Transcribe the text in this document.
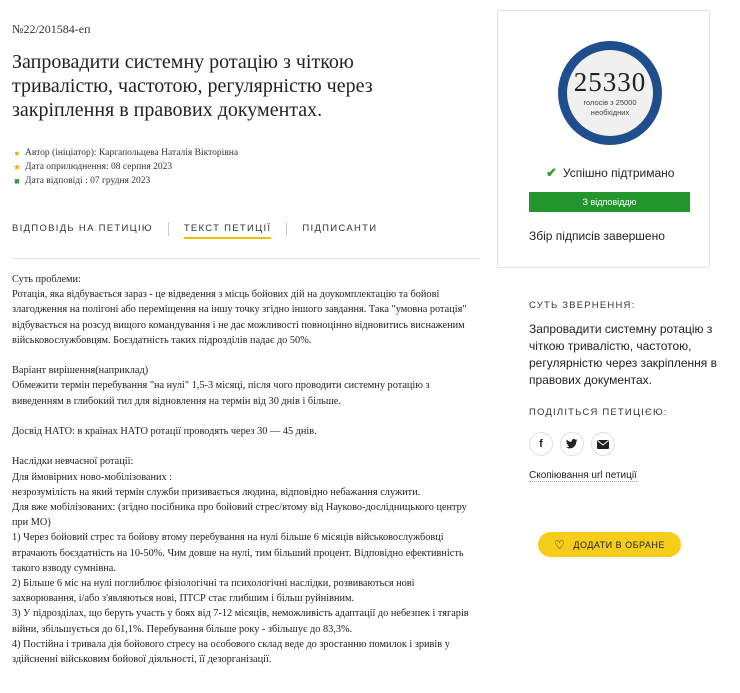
№22/201584-еп
Запровадити системну ротацію з чіткою тривалістю, частотою, регулярністю через закріплення в правових документах.
● Автор (ініціатор): Каргапольцева Наталія Вікторівна
★ Дата оприлюднення: 08 серпня 2023
■ Дата відповіді : 07 грудня 2023
ВІДПОВІДЬ НА ПЕТИЦІЮ	ТЕКСТ ПЕТИЦІЇ	ПІДПИСАНТИ

Суть проблеми:

Ротація, яка відбувається зараз - це відведення з місць бойових дій на доукомплектацію та бойові злагодження на полігоні або переміщення на іншу точку згідно іншого завдання. Така "умовна ротація" відбувається на розсуд вищого командування і не дає можливості повноцінно відновитись виснаженим військовослужбовцям. Боєздатність таких підрозділів падає до 50%.

Варіант вирішення(наприклад)

Обмежити термін перебування "на нулі" 1,5-3 місяці, після чого проводити системну ротацію з виведенням в глибокий тил для відновлення на термін від 30 днів і більше.

Досвід НАТО: в країнах НАТО ротації проводять через 30 — 45 днів.

Наслідки невчасної ротації:

Для ймовірних ново-мобілізованих :

незрозумілість на який термін служби призивається людина, відповідно небажання служити.

Для вже мобілізованих: (згідно посібника про бойовий стрес/втому від Науково-дослідницького центру при МО)

1) Через бойовий стрес та бойову втому перебування на нулі більше 6 місяців військовослужбовці втрачають боєздатність на 10-50%. Чим довше на нулі, тим більший процент. Відповідно ефективність такого взводу сумнівна.

2) Більше 6 міс на нулі поглиблює фізіологічні та психологічні наслідки, розвиваються нові захворювання, і/або з'являються нові, ПТСР стає глибшим і більш руйнівним.

3) У підрозділах, що беруть участь у боях від 7-12 місяців, неможливість адаптації до небезпек і тягарів війни, збільшується до 61,1%. Перебування більше року - збільшує до 83,3%.

4) Постійна і тривала дія бойового стресу на особового склад веде до зростанню помилок і зривів у здійсненні військовим бойової діяльності, її дезорганізації.

25330
голосів з 25000 необхідних
✔ Успішно підтримано
З відповіддю
Збір підписів завершено
СУТЬ ЗВЕРНЕННЯ:
Запровадити системну ротацію з чіткою тривалістю, частотою, регулярністю через закріплення в правових документах.
ПОДІЛІТЬСЯ ПЕТИЦІЄЮ:
f
Скопіювання url петиції
♡ ДОДАТИ В ОБРАНЕ
